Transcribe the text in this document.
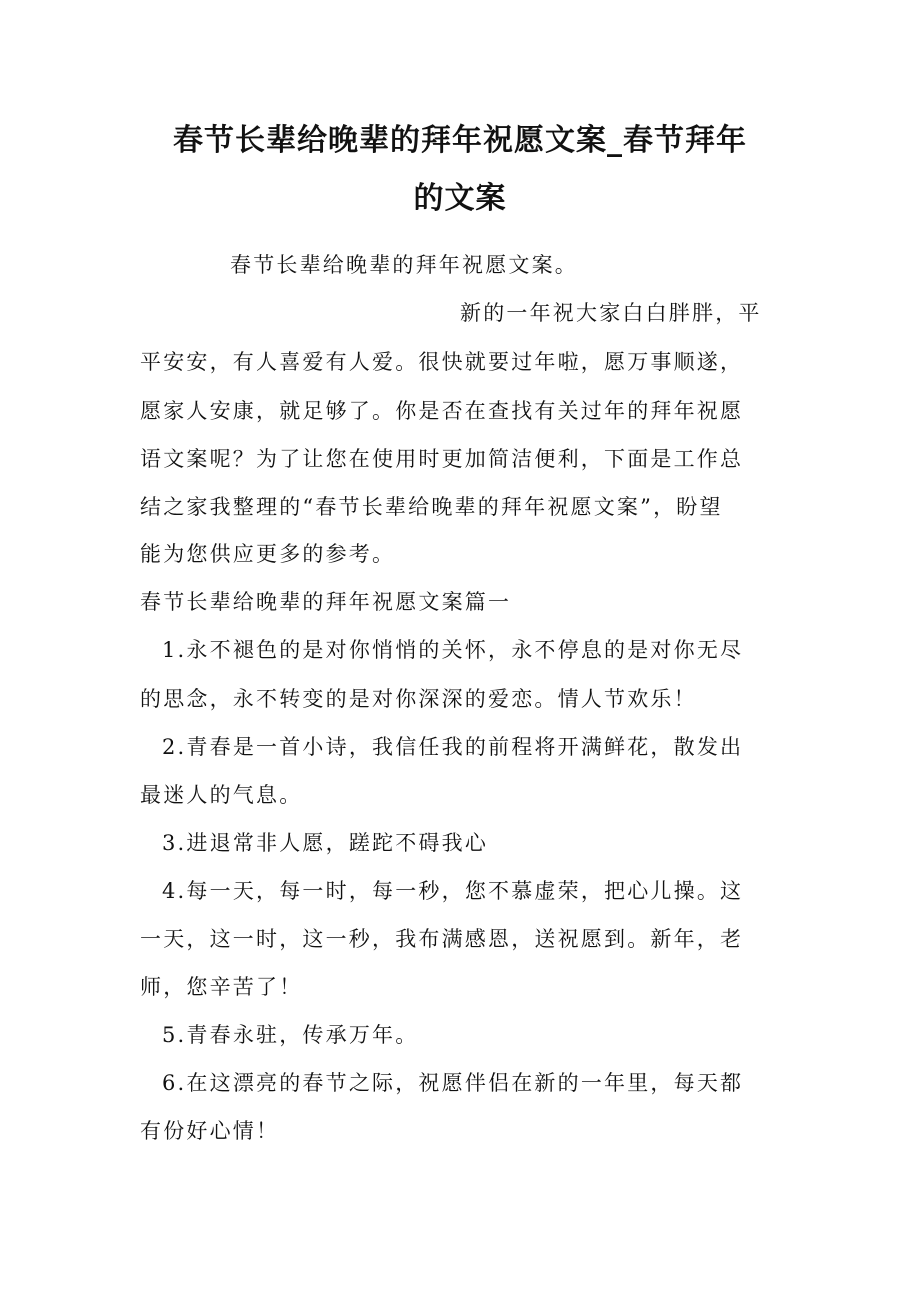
春节长辈给晚辈的拜年祝愿文案_春节拜年
的文案
春节长辈给晚辈的拜年祝愿文案。
新的一年祝大家白白胖胖，平
平安安，有人喜爱有人爱。很快就要过年啦，愿万事顺遂，
愿家人安康，就足够了。你是否在查找有关过年的拜年祝愿
语文案呢？为了让您在使用时更加简洁便利，下面是工作总
结之家我整理的“春节长辈给晚辈的拜年祝愿文案”，盼望
能为您供应更多的参考。
春节长辈给晚辈的拜年祝愿文案篇一
1.永不褪色的是对你悄悄的关怀，永不停息的是对你无尽
的思念，永不转变的是对你深深的爱恋。情人节欢乐！
2.青春是一首小诗，我信任我的前程将开满鲜花，散发出
最迷人的气息。
3.进退常非人愿，蹉跎不碍我心
4.每一天，每一时，每一秒，您不慕虚荣，把心儿操。这
一天，这一时，这一秒，我布满感恩，送祝愿到。新年，老
师，您辛苦了！
5.青春永驻，传承万年。
6.在这漂亮的春节之际，祝愿伴侣在新的一年里，每天都
有份好心情！
